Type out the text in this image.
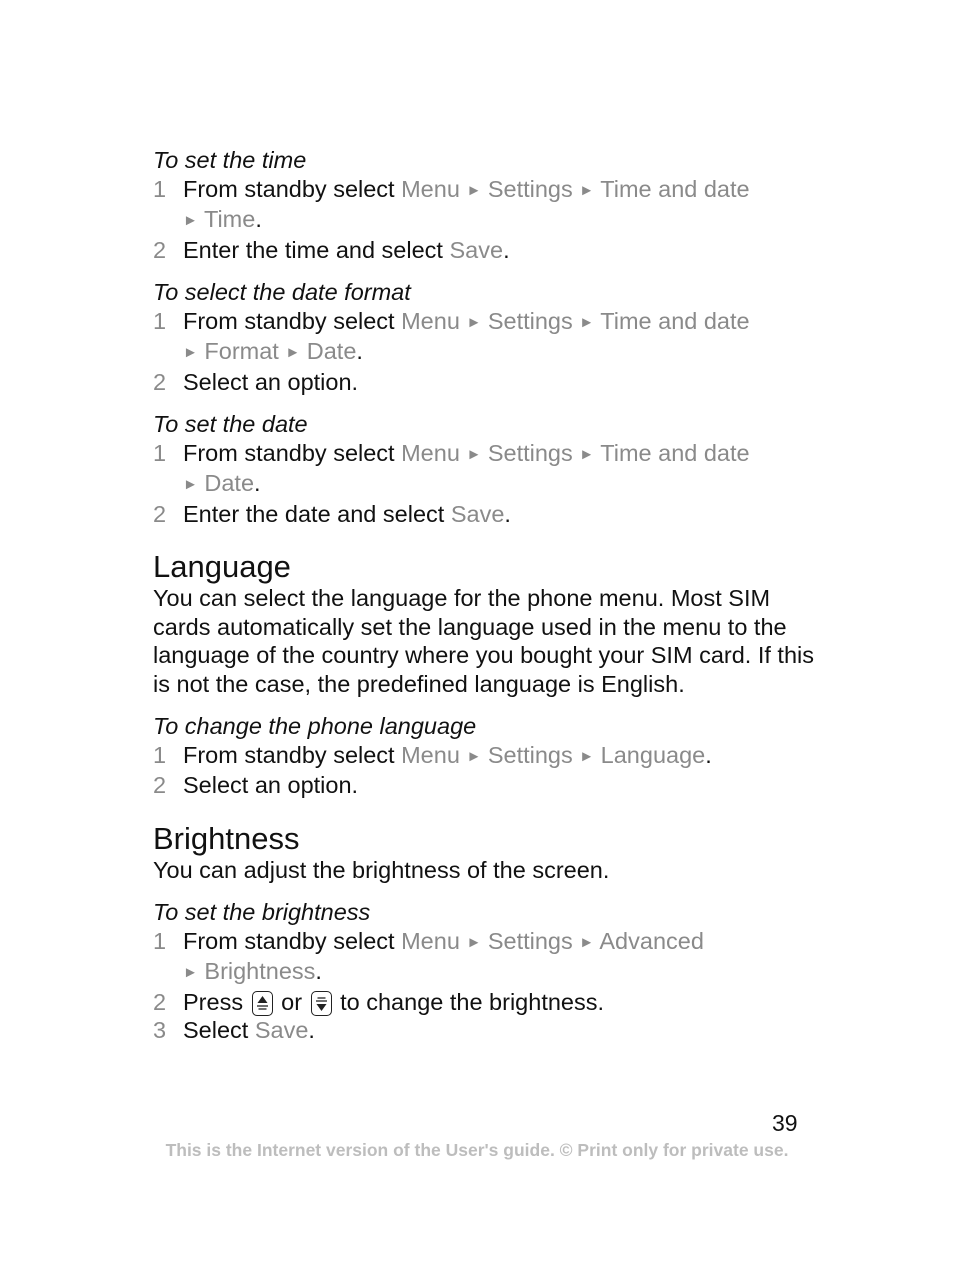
To set the time
1 From standby select Menu ► Settings ► Time and date
► Time.
2 Enter the time and select Save.
To select the date format
1 From standby select Menu ► Settings ► Time and date
► Format ► Date.
2 Select an option.
To set the date
1 From standby select Menu ► Settings ► Time and date
► Date.
2 Enter the date and select Save.
Language

You can select the language for the phone menu. Most SIM cards automatically set the language used in the menu to the language of the country where you bought your SIM card. If this is not the case, the predefined language is English.

To change the phone language
1 From standby select Menu ► Settings ► Language.
2 Select an option.
Brightness

You can adjust the brightness of the screen.

To set the brightness
1 From standby select Menu ► Settings ► Advanced
► Brightness.
2 Press
or
to change the brightness.
3 Select Save.
39
This is the Internet version of the User's guide. © Print only for private use.
